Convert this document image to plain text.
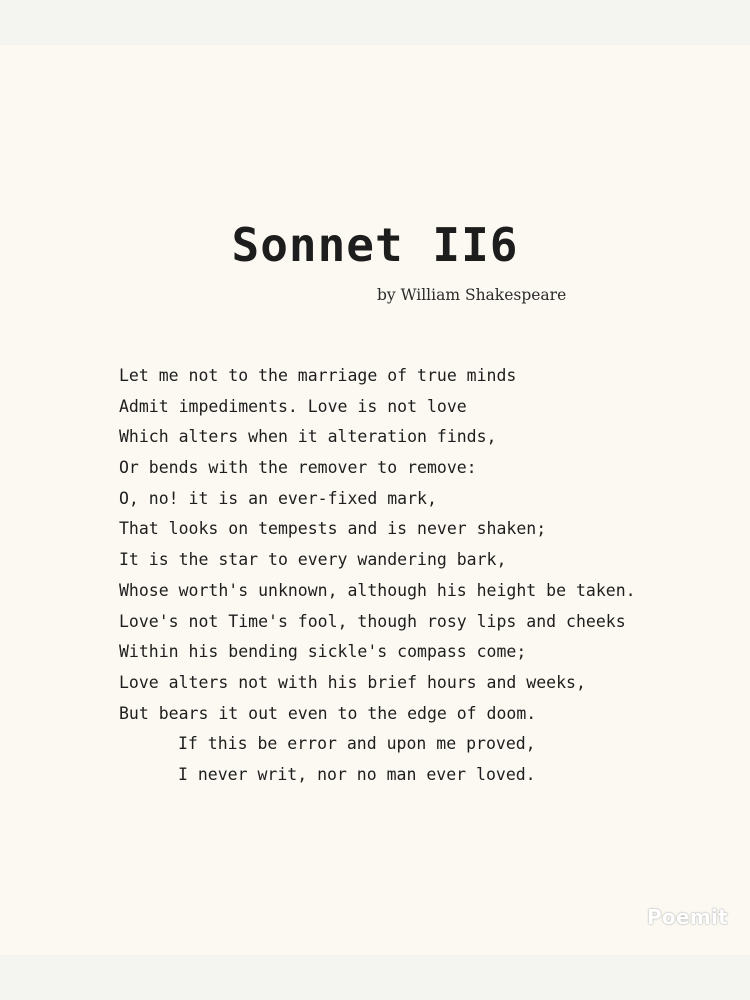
Sonnet II6

by William Shakespeare

Let me not to the marriage of true minds
Admit impediments. Love is not love
Which alters when it alteration finds,
Or bends with the remover to remove:
O, no! it is an ever-fixed mark,
That looks on tempests and is never shaken;
It is the star to every wandering bark,
Whose worth's unknown, although his height be taken.
Love's not Time's fool, though rosy lips and cheeks
Within his bending sickle's compass come;
Love alters not with his brief hours and weeks,
But bears it out even to the edge of doom.
If this be error and upon me proved,
I never writ, nor no man ever loved.
Poemit
